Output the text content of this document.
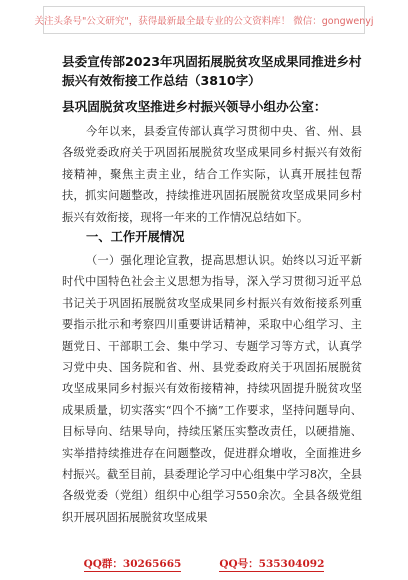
关注头条号"公文研究"，获得最新最全最专业的公文资料库！ 微信：gongwenyj
县委宣传部2023年巩固拓展脱贫攻坚成果同推进乡村振兴有效衔接工作总结（3810字）
县巩固脱贫攻坚推进乡村振兴领导小组办公室：
今年以来，县委宣传部认真学习贯彻中央、省、州、县各级党委政府关于巩固拓展脱贫攻坚成果同乡村振兴有效衔接精神，聚焦主责主业，结合工作实际，认真开展挂包帮扶，抓实问题整改，持续推进巩固拓展脱贫攻坚成果同乡村振兴有效衔接，现将一年来的工作情况总结如下。
一、工作开展情况
（一）强化理论宣教，提高思想认识。始终以习近平新时代中国特色社会主义思想为指导，深入学习贯彻习近平总书记关于巩固拓展脱贫攻坚成果同乡村振兴有效衔接系列重要指示批示和考察四川重要讲话精神，采取中心组学习、主题党日、干部职工会、集中学习、专题学习等方式，认真学习党中央、国务院和省、州、县党委政府关于巩固拓展脱贫攻坚成果同乡村振兴有效衔接精神，持续巩固提升脱贫攻坚成果质量，切实落实“四个不摘”工作要求，坚持问题导向、目标导向、结果导向，持续压紧压实整改责任，以硬措施、实举措持续推进存在问题整改，促进群众增收，全面推进乡村振兴。截至目前，县委理论学习中心组集中学习8次，全县各级党委（党组）组织中心组学习550余次。全县各级党组织开展巩固拓展脱贫攻坚成果
QQ群：30265665	QQ号：535304092
